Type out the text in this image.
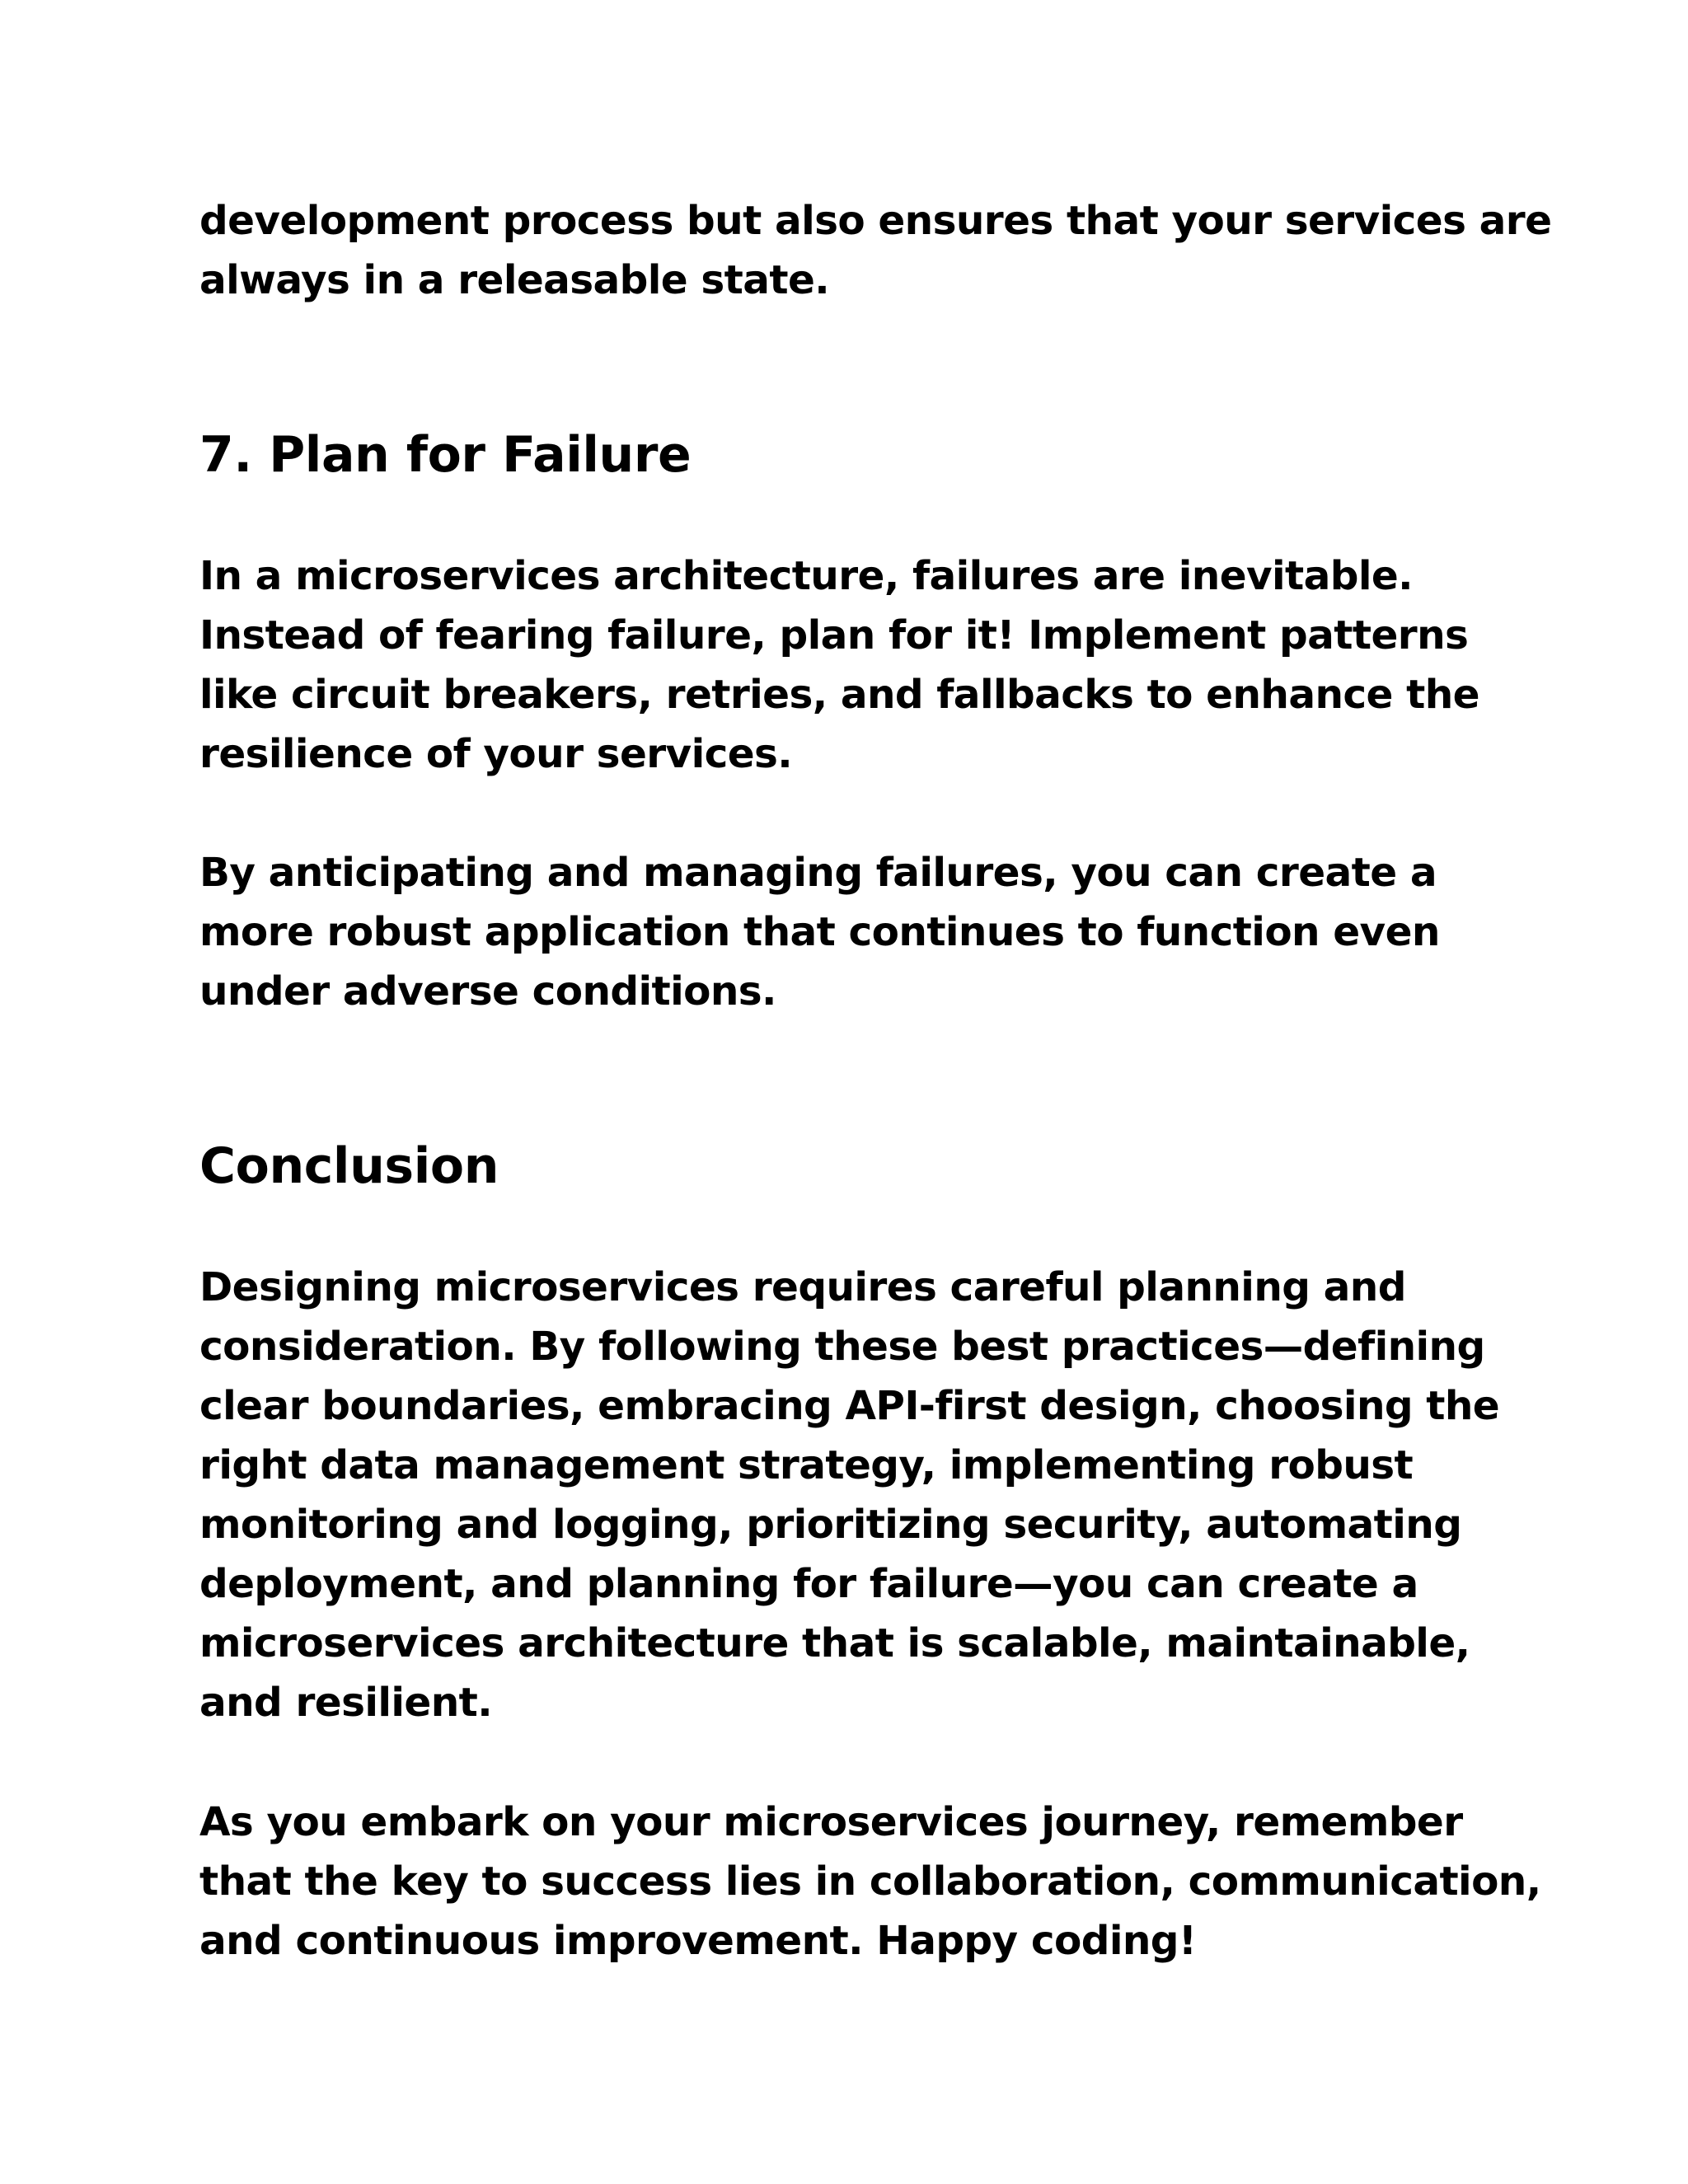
development process but also ensures that your services are
always in a releasable state.

7. Plan for Failure

In a microservices architecture, failures are inevitable.
Instead of fearing failure, plan for it! Implement patterns
like circuit breakers, retries, and fallbacks to enhance the
resilience of your services.

By anticipating and managing failures, you can create a
more robust application that continues to function even
under adverse conditions.

Conclusion

Designing microservices requires careful planning and
consideration. By following these best practices—defining
clear boundaries, embracing API-first design, choosing the
right data management strategy, implementing robust
monitoring and logging, prioritizing security, automating
deployment, and planning for failure—you can create a
microservices architecture that is scalable, maintainable,
and resilient.

As you embark on your microservices journey, remember
that the key to success lies in collaboration, communication,
and continuous improvement. Happy coding!
